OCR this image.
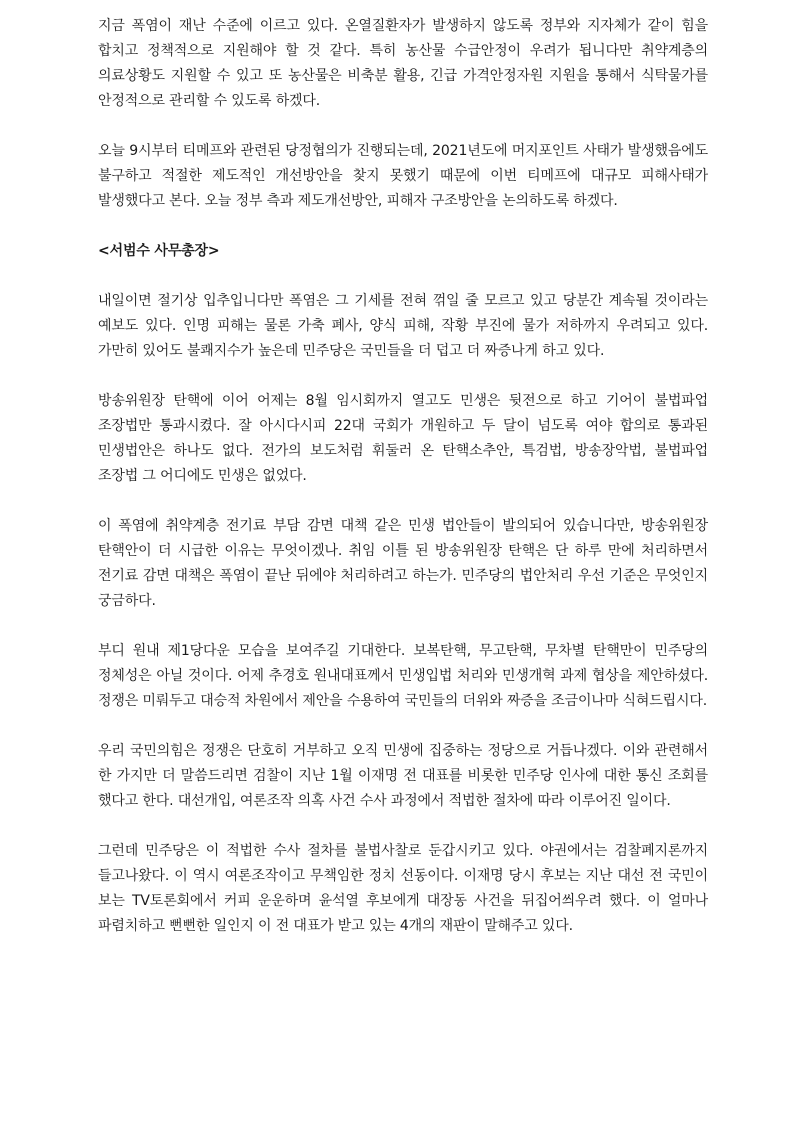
지금 폭염이 재난 수준에 이르고 있다. 온열질환자가 발생하지 않도록 정부와 지자체가 같이 힘을 합치고 정책적으로 지원해야 할 것 같다. 특히 농산물 수급안정이 우려가 됩니다만 취약계층의 의료상황도 지원할 수 있고 또 농산물은 비축분 활용, 긴급 가격안정자원 지원을 통해서 식탁물가를 안정적으로 관리할 수 있도록 하겠다.

오늘 9시부터 티메프와 관련된 당정협의가 진행되는데, 2021년도에 머지포인트 사태가 발생했음에도 불구하고 적절한 제도적인 개선방안을 찾지 못했기 때문에 이번 티메프에 대규모 피해사태가 발생했다고 본다. 오늘 정부 측과 제도개선방안, 피해자 구조방안을 논의하도록 하겠다.

<서범수 사무총장>

내일이면 절기상 입추입니다만 폭염은 그 기세를 전혀 꺾일 줄 모르고 있고 당분간 계속될 것이라는 예보도 있다. 인명 피해는 물론 가축 폐사, 양식 피해, 작황 부진에 물가 저하까지 우려되고 있다. 가만히 있어도 불쾌지수가 높은데 민주당은 국민들을 더 덥고 더 짜증나게 하고 있다.

방송위원장 탄핵에 이어 어제는 8월 임시회까지 열고도 민생은 뒷전으로 하고 기어이 불법파업 조장법만 통과시켰다. 잘 아시다시피 22대 국회가 개원하고 두 달이 넘도록 여야 합의로 통과된 민생법안은 하나도 없다. 전가의 보도처럼 휘둘러 온 탄핵소추안, 특검법, 방송장악법, 불법파업 조장법 그 어디에도 민생은 없었다.

이 폭염에 취약계층 전기료 부담 감면 대책 같은 민생 법안들이 발의되어 있습니다만, 방송위원장 탄핵안이 더 시급한 이유는 무엇이겠나. 취임 이틀 된 방송위원장 탄핵은 단 하루 만에 처리하면서 전기료 감면 대책은 폭염이 끝난 뒤에야 처리하려고 하는가. 민주당의 법안처리 우선 기준은 무엇인지 궁금하다.

부디 원내 제1당다운 모습을 보여주길 기대한다. 보복탄핵, 무고탄핵, 무차별 탄핵만이 민주당의 정체성은 아닐 것이다. 어제 추경호 원내대표께서 민생입법 처리와 민생개혁 과제 협상을 제안하셨다. 정쟁은 미뤄두고 대승적 차원에서 제안을 수용하여 국민들의 더위와 짜증을 조금이나마 식혀드립시다.

우리 국민의힘은 정쟁은 단호히 거부하고 오직 민생에 집중하는 정당으로 거듭나겠다. 이와 관련해서 한 가지만 더 말씀드리면 검찰이 지난 1월 이재명 전 대표를 비롯한 민주당 인사에 대한 통신 조회를 했다고 한다. 대선개입, 여론조작 의혹 사건 수사 과정에서 적법한 절차에 따라 이루어진 일이다.

그런데 민주당은 이 적법한 수사 절차를 불법사찰로 둔갑시키고 있다. 야권에서는 검찰폐지론까지 들고나왔다. 이 역시 여론조작이고 무책임한 정치 선동이다. 이재명 당시 후보는 지난 대선 전 국민이 보는 TV토론회에서 커피 운운하며 윤석열 후보에게 대장동 사건을 뒤집어씌우려 했다. 이 얼마나 파렴치하고 뻔뻔한 일인지 이 전 대표가 받고 있는 4개의 재판이 말해주고 있다.
